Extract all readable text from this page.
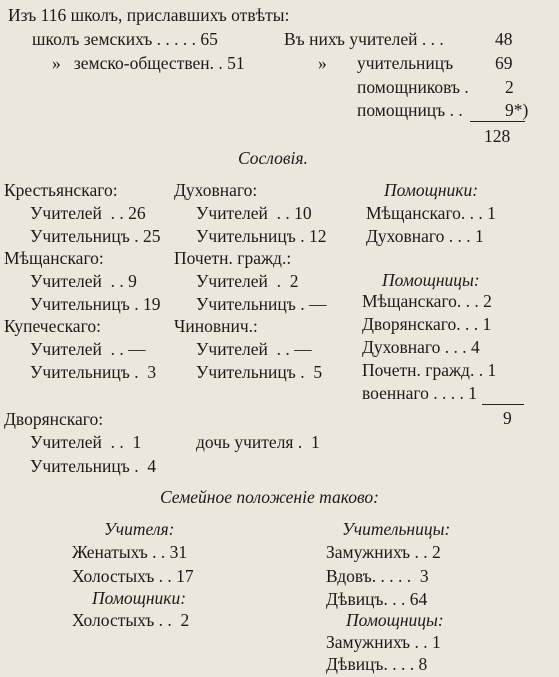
Изъ 116 школъ, приславшихъ отвѣты:
школъ земскихъ . . . . . 65
»   земско-обществен. . 51
Въ нихъ учителей . . .	48
» учительницъ 69
помощниковъ . 2
помощницъ . . 9*)
128
Сословія.
Крестьянскаго:
Учителей  . . 26
Учительницъ . 25
Мѣщанскаго:
Учителей  . . 9
Учительницъ . 19
Купеческаго:
Учителей  . . —
Учительницъ .  3
Дворянскаго:
Учителей  . .  1
Учительницъ .  4
дочь учителя .  1
Духовнаго:
Учителей  . . 10
Учительницъ . 12
Почетн. гражд.:
Учителей  .  2
Учительницъ . —
Чиновнич.:
Учителей  . . —
Учительницъ .  5
Помощники:
Мѣщанскаго. . . 1
Духовнаго . . . 1
Помощницы:
Мѣщанскаго. . . 2
Дворянскаго. . . 1
Духовнаго . . . 4
Почетн. гражд. . 1
военнаго . . . . 1
9
Семейное положеніе таково:
Учителя:
Женатыхъ . . 31
Холостыхъ . . 17
Помощники:
Холостыхъ . .  2
Учительницы:
Замужнихъ . . 2
Вдовъ. . . . .  3
Дѣвицъ. . . 64
Помощницы:
Замужнихъ . . 1
Дѣвицъ. . . . 8
